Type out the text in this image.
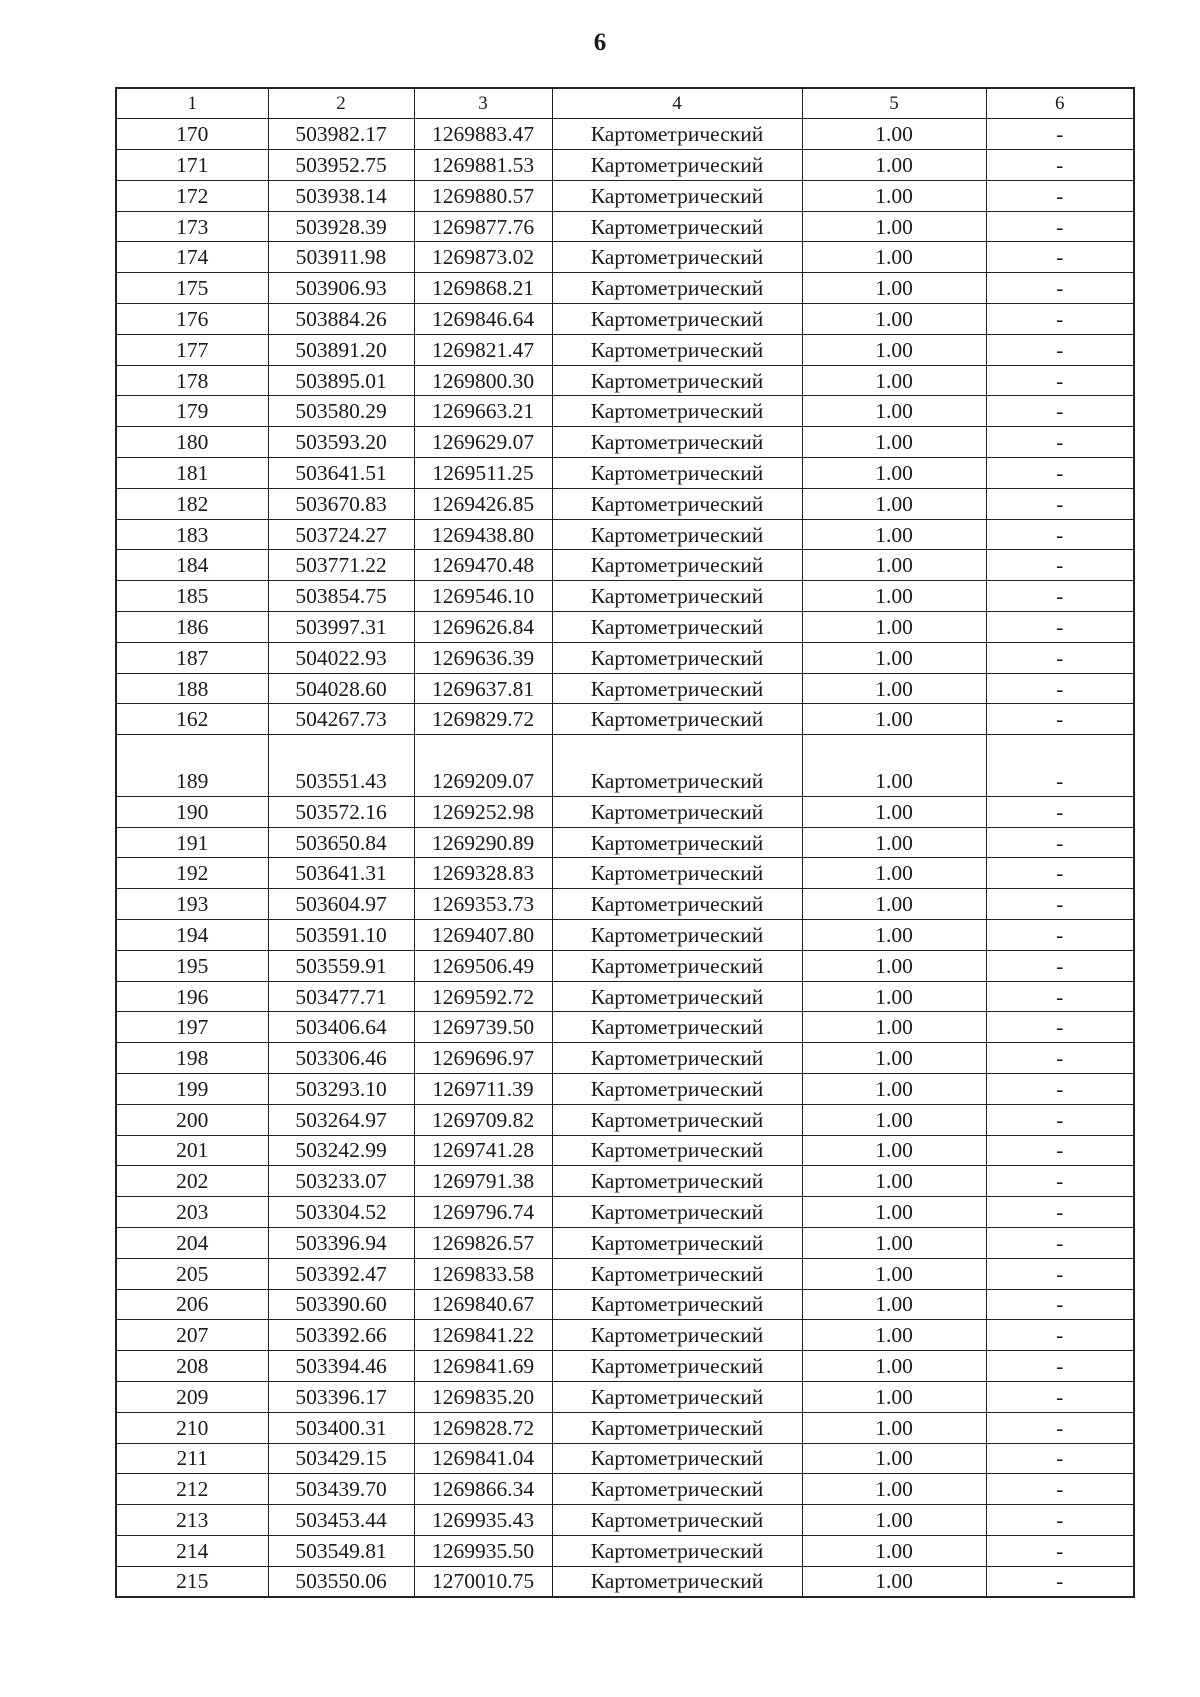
6
1	2	3	4	5	6
170	503982.17	1269883.47	Картометрический	1.00	-
171	503952.75	1269881.53	Картометрический	1.00	-
172	503938.14	1269880.57	Картометрический	1.00	-
173	503928.39	1269877.76	Картометрический	1.00	-
174	503911.98	1269873.02	Картометрический	1.00	-
175	503906.93	1269868.21	Картометрический	1.00	-
176	503884.26	1269846.64	Картометрический	1.00	-
177	503891.20	1269821.47	Картометрический	1.00	-
178	503895.01	1269800.30	Картометрический	1.00	-
179	503580.29	1269663.21	Картометрический	1.00	-
180	503593.20	1269629.07	Картометрический	1.00	-
181	503641.51	1269511.25	Картометрический	1.00	-
182	503670.83	1269426.85	Картометрический	1.00	-
183	503724.27	1269438.80	Картометрический	1.00	-
184	503771.22	1269470.48	Картометрический	1.00	-
185	503854.75	1269546.10	Картометрический	1.00	-
186	503997.31	1269626.84	Картометрический	1.00	-
187	504022.93	1269636.39	Картометрический	1.00	-
188	504028.60	1269637.81	Картометрический	1.00	-
162	504267.73	1269829.72	Картометрический	1.00	-

189	503551.43	1269209.07	Картометрический	1.00	-
190	503572.16	1269252.98	Картометрический	1.00	-
191	503650.84	1269290.89	Картометрический	1.00	-
192	503641.31	1269328.83	Картометрический	1.00	-
193	503604.97	1269353.73	Картометрический	1.00	-
194	503591.10	1269407.80	Картометрический	1.00	-
195	503559.91	1269506.49	Картометрический	1.00	-
196	503477.71	1269592.72	Картометрический	1.00	-
197	503406.64	1269739.50	Картометрический	1.00	-
198	503306.46	1269696.97	Картометрический	1.00	-
199	503293.10	1269711.39	Картометрический	1.00	-
200	503264.97	1269709.82	Картометрический	1.00	-
201	503242.99	1269741.28	Картометрический	1.00	-
202	503233.07	1269791.38	Картометрический	1.00	-
203	503304.52	1269796.74	Картометрический	1.00	-
204	503396.94	1269826.57	Картометрический	1.00	-
205	503392.47	1269833.58	Картометрический	1.00	-
206	503390.60	1269840.67	Картометрический	1.00	-
207	503392.66	1269841.22	Картометрический	1.00	-
208	503394.46	1269841.69	Картометрический	1.00	-
209	503396.17	1269835.20	Картометрический	1.00	-
210	503400.31	1269828.72	Картометрический	1.00	-
211	503429.15	1269841.04	Картометрический	1.00	-
212	503439.70	1269866.34	Картометрический	1.00	-
213	503453.44	1269935.43	Картометрический	1.00	-
214	503549.81	1269935.50	Картометрический	1.00	-
215	503550.06	1270010.75	Картометрический	1.00	-
